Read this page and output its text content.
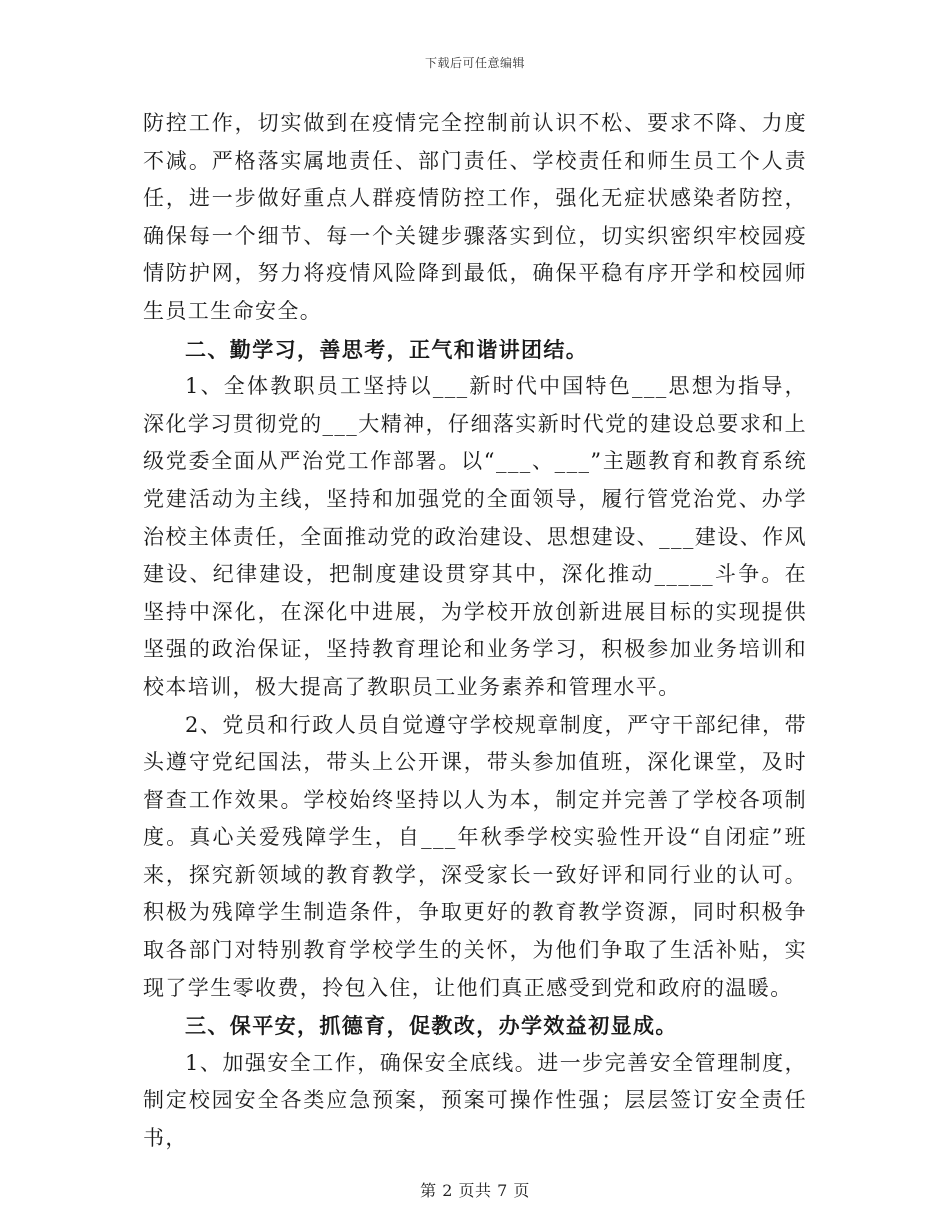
下载后可任意编辑

防控工作，切实做到在疫情完全控制前认识不松、要求不降、力度不减。严格落实属地责任、部门责任、学校责任和师生员工个人责任，进一步做好重点人群疫情防控工作，强化无症状感染者防控，确保每一个细节、每一个关键步骤落实到位，切实织密织牢校园疫情防护网，努力将疫情风险降到最低，确保平稳有序开学和校园师生员工生命安全。

二、勤学习，善思考，正气和谐讲团结。

1、全体教职员工坚持以___新时代中国特色___思想为指导，深化学习贯彻党的___大精神，仔细落实新时代党的建设总要求和上级党委全面从严治党工作部署。以“___、___”主题教育和教育系统党建活动为主线，坚持和加强党的全面领导，履行管党治党、办学治校主体责任，全面推动党的政治建设、思想建设、___建设、作风建设、纪律建设，把制度建设贯穿其中，深化推动_____斗争。在坚持中深化，在深化中进展，为学校开放创新进展目标的实现提供坚强的政治保证，坚持教育理论和业务学习，积极参加业务培训和校本培训，极大提高了教职员工业务素养和管理水平。

2、党员和行政人员自觉遵守学校规章制度，严守干部纪律，带头遵守党纪国法，带头上公开课，带头参加值班，深化课堂，及时督查工作效果。学校始终坚持以人为本，制定并完善了学校各项制度。真心关爱残障学生，自___年秋季学校实验性开设“自闭症”班来，探究新领域的教育教学，深受家长一致好评和同行业的认可。积极为残障学生制造条件，争取更好的教育教学资源，同时积极争取各部门对特别教育学校学生的关怀，为他们争取了生活补贴，实现了学生零收费，拎包入住，让他们真正感受到党和政府的温暖。

三、保平安，抓德育，促教改，办学效益初显成。

1、加强安全工作，确保安全底线。进一步完善安全管理制度，制定校园安全各类应急预案，预案可操作性强；层层签订安全责任书，

第 2 页共 7 页
